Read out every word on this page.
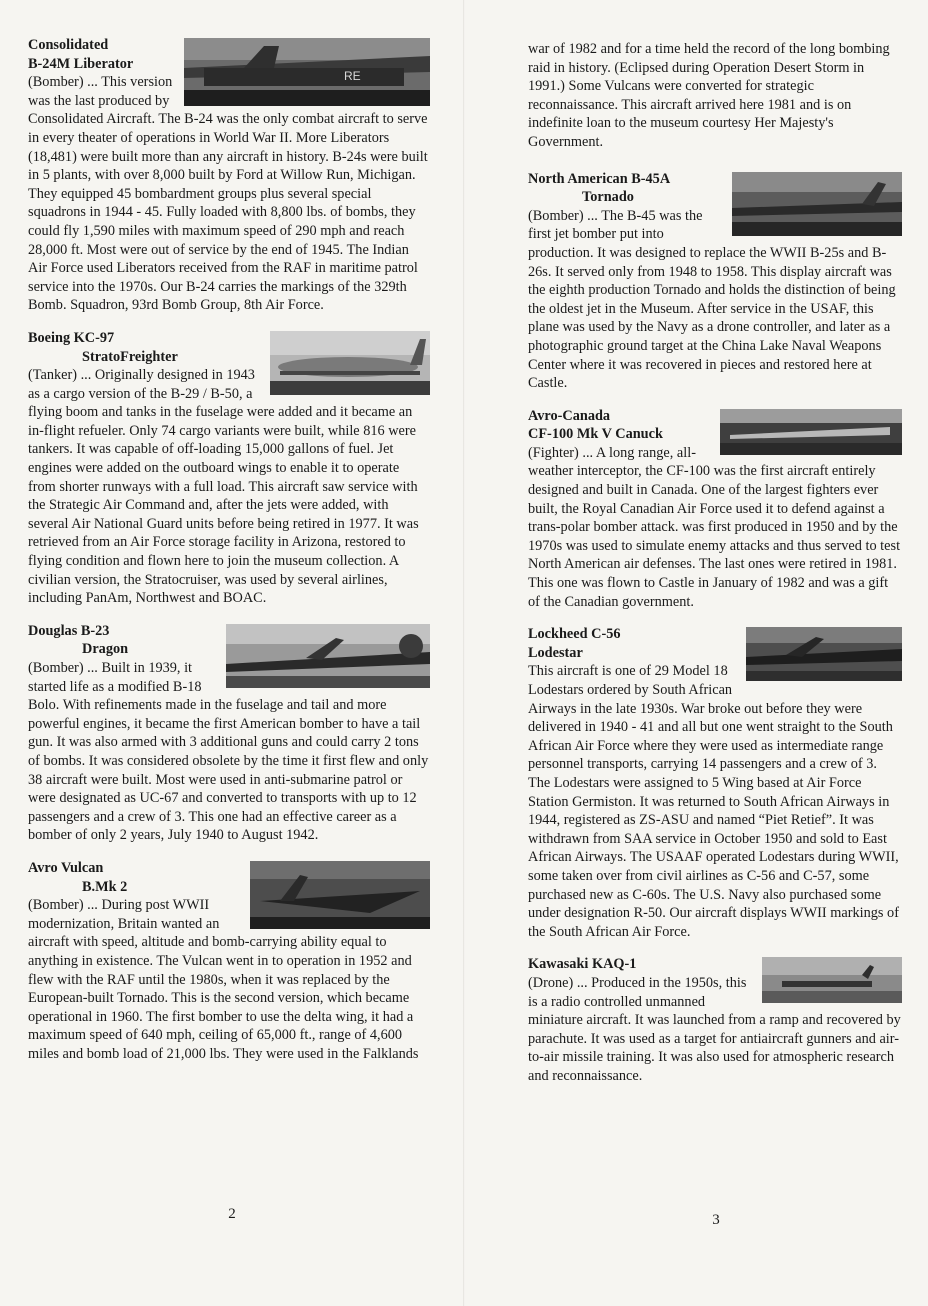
RE
Consolidated
B-24M Liberator
(Bomber) ... This version was the last produced by Consolidated Aircraft. The B-24 was the only combat aircraft to serve in every theater of operations in World War II. More Liberators (18,481) were built more than any aircraft in history. B-24s were built in 5 plants, with over 8,000 built by Ford at Willow Run, Michigan. They equipped 45 bombardment groups plus several special squadrons in 1944 - 45. Fully loaded with 8,800 lbs. of bombs, they could fly 1,590 miles with maximum speed of 290 mph and reach 28,000 ft. Most were out of service by the end of 1945. The Indian Air Force used Liberators received from the RAF in maritime patrol service into the 1970s. Our B-24 carries the markings of the 329th Bomb. Squadron, 93rd Bomb Group, 8th Air Force.
Boeing KC-97
StratoFreighter
(Tanker) ... Originally designed in 1943 as a cargo version of the B-29 / B-50, a flying boom and tanks in the fuselage were added and it became an in-flight refueler. Only 74 cargo variants were built, while 816 were tankers. It was capable of off-loading 15,000 gallons of fuel. Jet engines were added on the outboard wings to enable it to operate from shorter runways with a full load. This aircraft saw service with the Strategic Air Command and, after the jets were added, with several Air National Guard units before being retired in 1977. It was retrieved from an Air Force storage facility in Arizona, restored to flying condition and flown here to join the museum collection. A civilian version, the Stratocruiser, was used by several airlines, including PanAm, Northwest and BOAC.
Douglas B-23
Dragon
(Bomber) ... Built in 1939, it started life as a modified B-18 Bolo. With refinements made in the fuselage and tail and more powerful engines, it became the first American bomber to have a tail gun. It was also armed with 3 additional guns and could carry 2 tons of bombs. It was considered obsolete by the time it first flew and only 38 aircraft were built. Most were used in anti-submarine patrol or were designated as UC-67 and converted to transports with up to 12 passengers and a crew of 3. This one had an effective career as a bomber of only 2 years, July 1940 to August 1942.
Avro Vulcan
B.Mk 2
(Bomber) ... During post WWII modernization, Britain wanted an aircraft with speed, altitude and bomb-carrying ability equal to anything in existence. The Vulcan went in to operation in 1952 and flew with the RAF until the 1980s, when it was replaced by the European-built Tornado. This is the second version, which became operational in 1960. The first bomber to use the delta wing, it had a maximum speed of 640 mph, ceiling of 65,000 ft., range of 4,600 miles and bomb load of 21,000 lbs. They were used in the Falklands
2
war of 1982 and for a time held the record of the long bombing raid in history. (Eclipsed during Operation Desert Storm in 1991.) Some Vulcans were converted for strategic reconnaissance. This aircraft arrived here 1981 and is on indefinite loan to the museum courtesy Her Majesty's Government.
North American B-45A
Tornado
(Bomber) ... The B-45 was the first jet bomber put into production. It was designed to replace the WWII B-25s and B-26s. It served only from 1948 to 1958. This display aircraft was the eighth production Tornado and holds the distinction of being the oldest jet in the Museum. After service in the USAF, this plane was used by the Navy as a drone controller, and later as a photographic ground target at the China Lake Naval Weapons Center where it was recovered in pieces and restored here at Castle.
Avro-Canada
CF-100 Mk V Canuck
(Fighter) ... A long range, all-weather interceptor, the CF-100 was the first aircraft entirely designed and built in Canada. One of the largest fighters ever built, the Royal Canadian Air Force used it to defend against a trans-polar bomber attack. was first produced in 1950 and by the 1970s was used to simulate enemy attacks and thus served to test North American air defenses. The last ones were retired in 1981. This one was flown to Castle in January of 1982 and was a gift of the Canadian government.
Lockheed C-56
Lodestar
This aircraft is one of 29 Model 18 Lodestars ordered by South African Airways in the late 1930s. War broke out before they were delivered in 1940 - 41 and all but one went straight to the South African Air Force where they were used as intermediate range personnel transports, carrying 14 passengers and a crew of 3. The Lodestars were assigned to 5 Wing based at Air Force Station Germiston. It was returned to South African Airways in 1944, registered as ZS-ASU and named “Piet Retief”. It was withdrawn from SAA service in October 1950 and sold to East African Airways. The USAAF operated Lodestars during WWII, some taken over from civil airlines as C-56 and C-57, some purchased new as C-60s. The U.S. Navy also purchased some under designation R-50. Our aircraft displays WWII markings of the South African Air Force.
Kawasaki KAQ-1
(Drone) ... Produced in the 1950s, this is a radio controlled unmanned miniature aircraft. It was launched from a ramp and recovered by parachute. It was used as a target for antiaircraft gunners and air-to-air missile training. It was also used for atmospheric research and reconnaissance.
3
